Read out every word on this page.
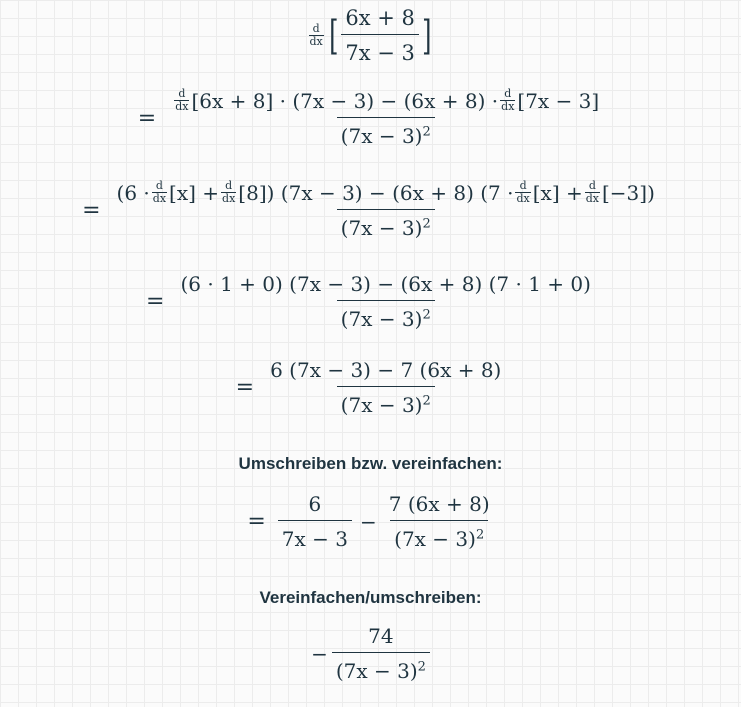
$\frac{d}{dx}$ [ $\frac{6x + 8}{7x - 3}$ ]
=
$\frac{d}{dx} [6x + 8] \cdot (7x - 3) - (6x + 8) \cdot \frac{d}{dx} [7x - 3]$
$(7x - 3)^2$
=
$(6 \cdot \frac{d}{dx} [x] + \frac{d}{dx} [8])$ (7x − 3) − (6x + 8) $(7 \cdot \frac{d}{dx} [x] + \frac{d}{dx} [-3])$
$(7x - 3)^2$
= $\frac{(6 \cdot 1 + 0) (7x - 3) - (6x + 8) (7 \cdot 1 + 0)}{(7x - 3)^2}$
= $\frac{6 (7x - 3) - 7 (6x + 8)}{(7x - 3)^2}$
Umschreiben bzw. vereinfachen:
= $\frac{6}{7x - 3} - \frac{7 (6x + 8)}{(7x - 3)^2}$
Vereinfachen/umschreiben:
− $\frac{74}{(7x - 3)^2}$
